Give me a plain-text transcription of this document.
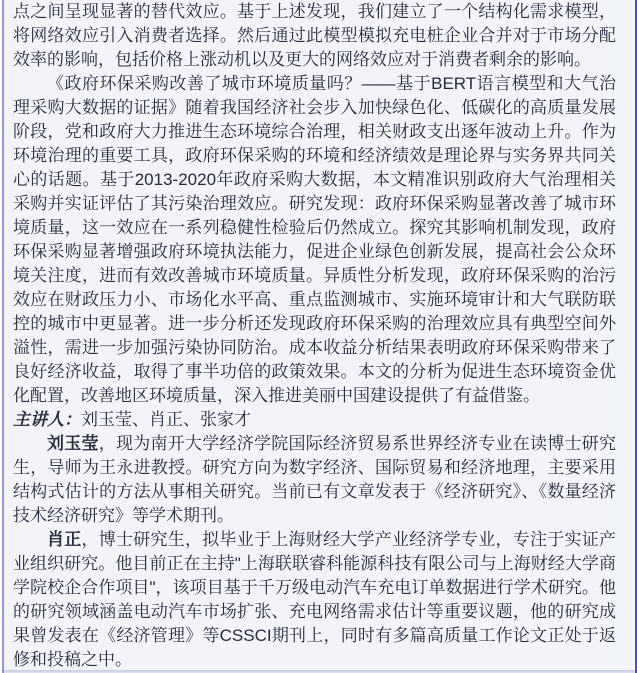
点之间呈现显著的替代效应。基于上述发现，我们建立了一个结构化需求模型，将网络效应引入消费者选择。然后通过此模型模拟充电桩企业合并对于市场分配效率的影响，包括价格上涨动机以及更大的网络效应对于消费者剩余的影响。

《政府环保采购改善了城市环境质量吗？——基于BERT语言模型和大气治理采购大数据的证据》随着我国经济社会步入加快绿色化、低碳化的高质量发展阶段，党和政府大力推进生态环境综合治理，相关财政支出逐年波动上升。作为环境治理的重要工具，政府环保采购的环境和经济绩效是理论界与实务界共同关心的话题。基于2013-2020年政府采购大数据，本文精准识别政府大气治理相关采购并实证评估了其污染治理效应。研究发现：政府环保采购显著改善了城市环境质量，这一效应在一系列稳健性检验后仍然成立。探究其影响机制发现，政府环保采购显著增强政府环境执法能力，促进企业绿色创新发展，提高社会公众环境关注度，进而有效改善城市环境质量。异质性分析发现，政府环保采购的治污效应在财政压力小、市场化水平高、重点监测城市、实施环境审计和大气联防联控的城市中更显著。进一步分析还发现政府环保采购的治理效应具有典型空间外溢性，需进一步加强污染协同防治。成本收益分析结果表明政府环保采购带来了良好经济收益，取得了事半功倍的政策效果。本文的分析为促进生态环境资金优化配置，改善地区环境质量，深入推进美丽中国建设提供了有益借鉴。

主讲人：刘玉莹、肖正、张家才

刘玉莹，现为南开大学经济学院国际经济贸易系世界经济专业在读博士研究生，导师为王永进教授。研究方向为数字经济、国际贸易和经济地理，主要采用结构式估计的方法从事相关研究。当前已有文章发表于《经济研究》、《数量经济技术经济研究》等学术期刊。

肖正，博士研究生，拟毕业于上海财经大学产业经济学专业，专注于实证产业组织研究。他目前正在主持"上海联联睿科能源科技有限公司与上海财经大学商学院校企合作项目"，该项目基于千万级电动汽车充电订单数据进行学术研究。他的研究领域涵盖电动汽车市场扩张、充电网络需求估计等重要议题，他的研究成果曾发表在《经济管理》等CSSCI期刊上，同时有多篇高质量工作论文正处于返修和投稿之中。
